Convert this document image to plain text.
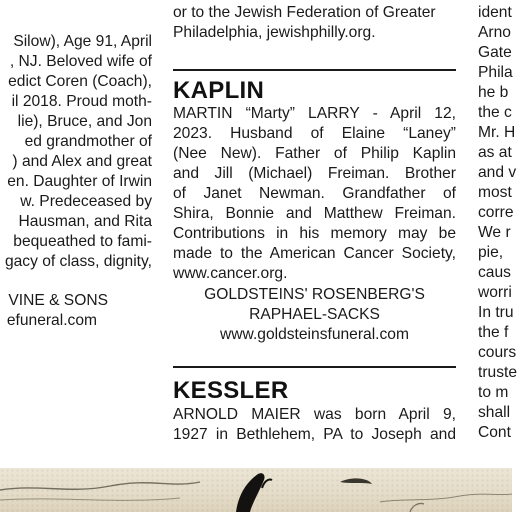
Silow), Age 91, April
, NJ. Beloved wife of
edict Coren (Coach),
il 2018. Proud moth-
lie), Bruce, and Jon
ed grandmother of
) and Alex and great
en. Daughter of Irwin
w. Predeceased by
Hausman, and Rita
bequeathed to fami-
gacy of class, dignity,
VINE & SONS
efuneral.com
or to the Jewish Federation of Greater
Philadelphia, jewishphilly.org.
KAPLIN
MARTIN “Marty” LARRY - April 12,
2023. Husband of Elaine “Laney”
(Nee New). Father of Philip Kaplin
and Jill (Michael) Freiman. Brother
of Janet Newman. Grandfather of
Shira, Bonnie and Matthew Freiman.
Contributions in his memory may be
made to the American Cancer Society,
www.cancer.org.
GOLDSTEINS' ROSENBERG'S
RAPHAEL-SACKS
www.goldsteinsfuneral.com
KESSLER
ARNOLD MAIER was born April 9,
1927 in Bethlehem, PA to Joseph and
ident
Arno
Gate
Phila
he b
the c
Mr. H
as at
and v
most
corre
We r
pie,
caus
worri
In tru
the f
cours
truste
to m
shall
Cont
